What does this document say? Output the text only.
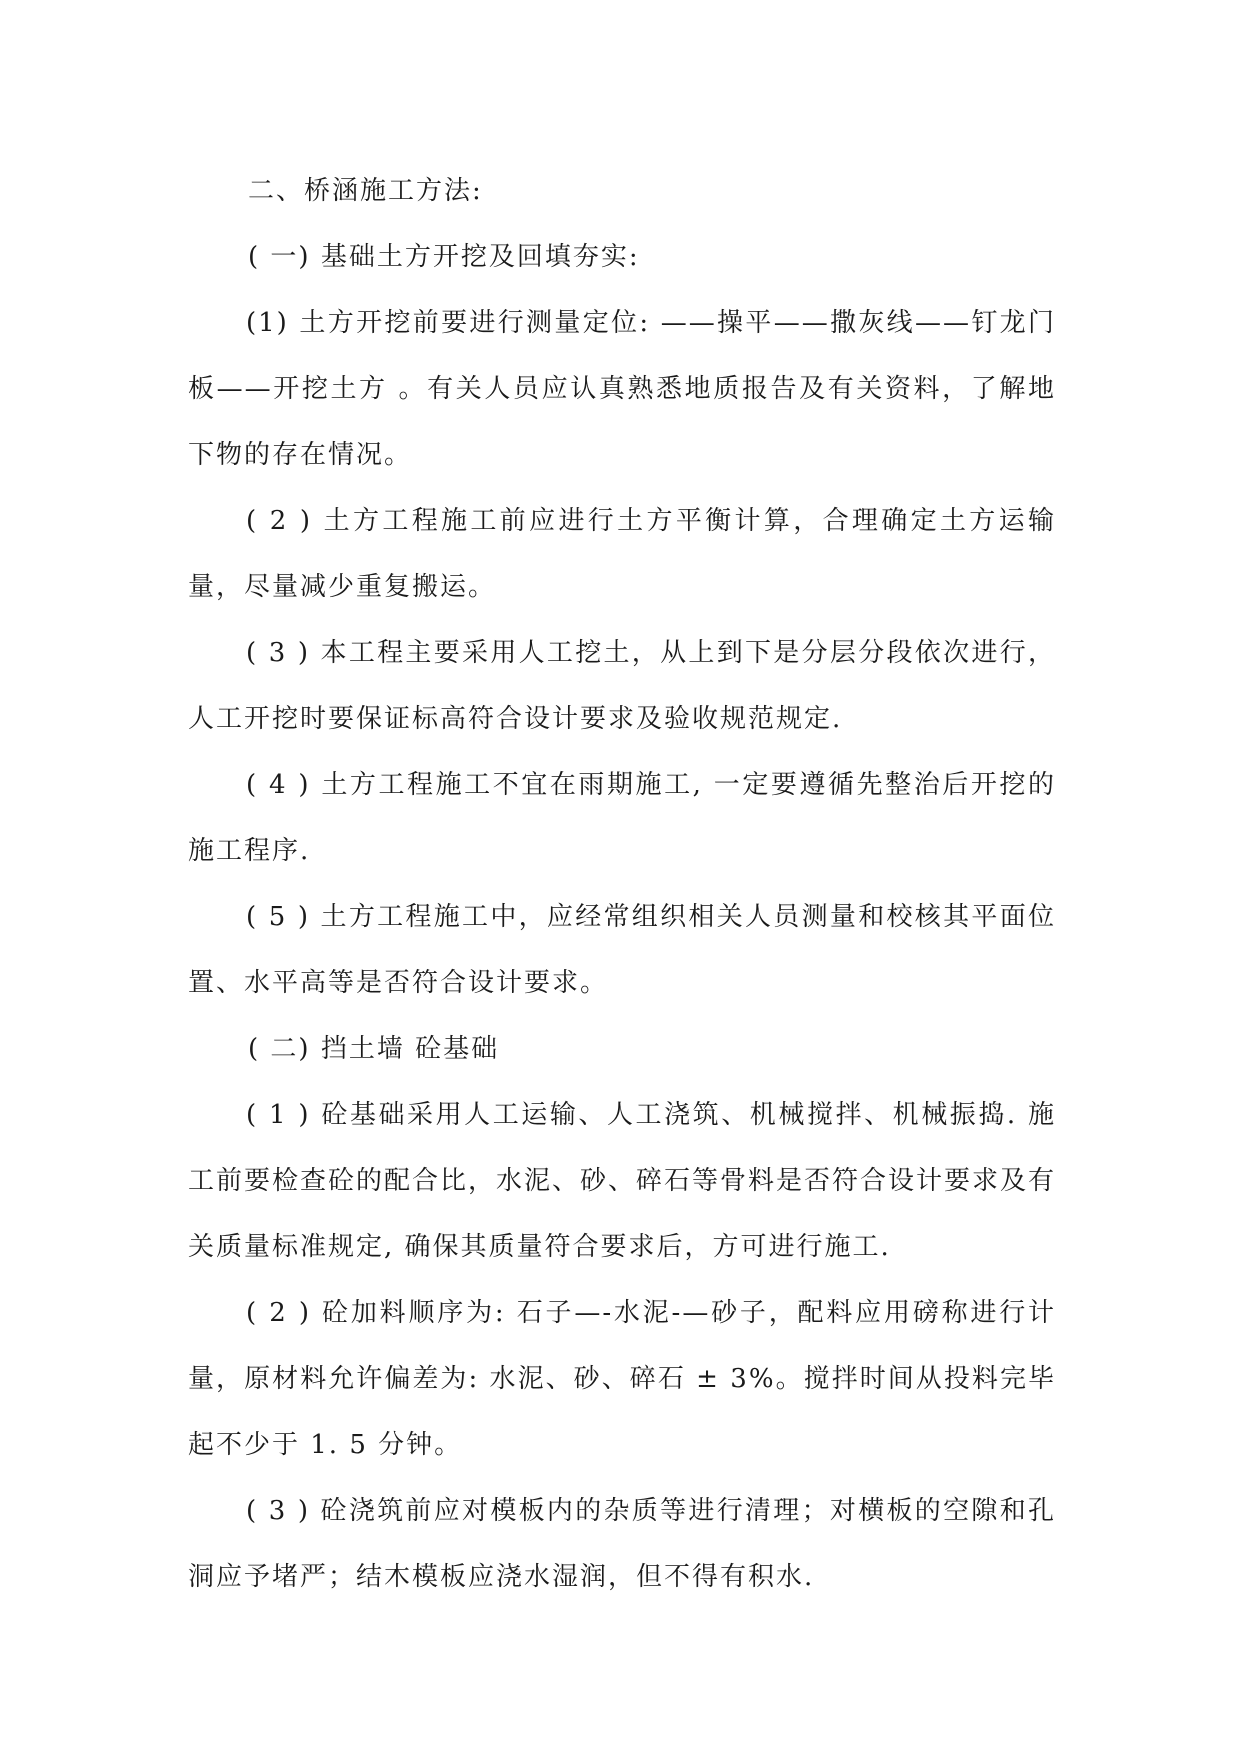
二、桥涵施工方法:

( 一) 基础土方开挖及回填夯实:

(1) 土方开挖前要进行测量定位: ——操平——撒灰线——钉龙门板——开挖土方 。有关人员应认真熟悉地质报告及有关资料，了解地下物的存在情况。

( 2 ) 土方工程施工前应进行土方平衡计算，合理确定土方运输量，尽量减少重复搬运。

( 3 ) 本工程主要采用人工挖土，从上到下是分层分段依次进行，人工开挖时要保证标高符合设计要求及验收规范规定.

( 4 ) 土方工程施工不宜在雨期施工, 一定要遵循先整治后开挖的施工程序.

( 5 ) 土方工程施工中，应经常组织相关人员测量和校核其平面位置、水平高等是否符合设计要求。

( 二) 挡土墙 砼基础

( 1 ) 砼基础采用人工运输、人工浇筑、机械搅拌、机械振捣. 施工前要检查砼的配合比，水泥、砂、碎石等骨料是否符合设计要求及有关质量标准规定, 确保其质量符合要求后，方可进行施工.

( 2 ) 砼加料顺序为: 石子—-水泥-—砂子，配料应用磅称进行计量，原材料允许偏差为: 水泥、砂、碎石 ± 3%。搅拌时间从投料完毕起不少于 1. 5 分钟。

( 3 ) 砼浇筑前应对模板内的杂质等进行清理；对横板的空隙和孔洞应予堵严；结木模板应浇水湿润，但不得有积水.
